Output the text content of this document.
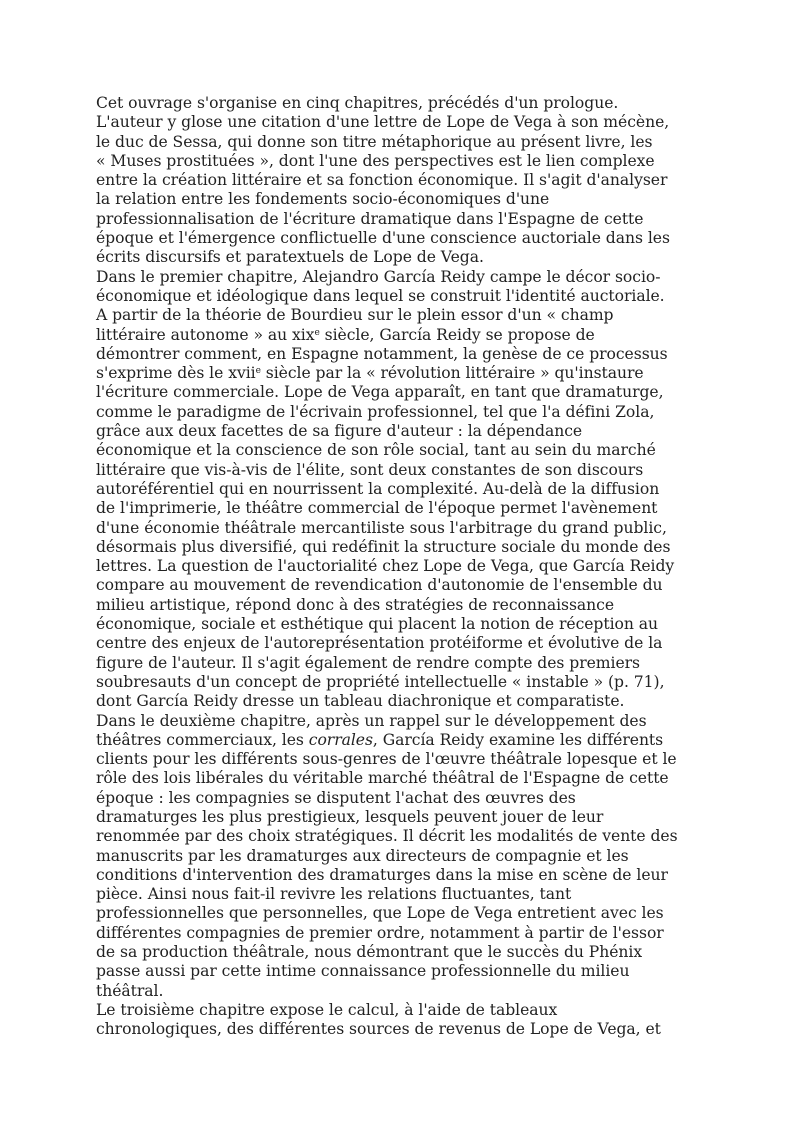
Cet ouvrage s'organise en cinq chapitres, précédés d'un prologue.
L'auteur y glose une citation d'une lettre de Lope de Vega à son mécène,
le duc de Sessa, qui donne son titre métaphorique au présent livre, les
« Muses prostituées », dont l'une des perspectives est le lien complexe
entre la création littéraire et sa fonction économique. Il s'agit d'analyser
la relation entre les fondements socio-économiques d'une
professionnalisation de l'écriture dramatique dans l'Espagne de cette
époque et l'émergence conflictuelle d'une conscience auctoriale dans les
écrits discursifs et paratextuels de Lope de Vega.
Dans le premier chapitre, Alejandro García Reidy campe le décor socio-
économique et idéologique dans lequel se construit l'identité auctoriale.
A partir de la théorie de Bourdieu sur le plein essor d'un « champ
littéraire autonome » au xix$^e$ siècle, García Reidy se propose de
démontrer comment, en Espagne notamment, la genèse de ce processus
s'exprime dès le xvii$^e$ siècle par la « révolution littéraire » qu'instaure
l'écriture commerciale. Lope de Vega apparaît, en tant que dramaturge,
comme le paradigme de l'écrivain professionnel, tel que l'a défini Zola,
grâce aux deux facettes de sa figure d'auteur : la dépendance
économique et la conscience de son rôle social, tant au sein du marché
littéraire que vis-à-vis de l'élite, sont deux constantes de son discours
autoréférentiel qui en nourrissent la complexité. Au-delà de la diffusion
de l'imprimerie, le théâtre commercial de l'époque permet l'avènement
d'une économie théâtrale mercantiliste sous l'arbitrage du grand public,
désormais plus diversifié, qui redéfinit la structure sociale du monde des
lettres. La question de l'auctorialité chez Lope de Vega, que García Reidy
compare au mouvement de revendication d'autonomie de l'ensemble du
milieu artistique, répond donc à des stratégies de reconnaissance
économique, sociale et esthétique qui placent la notion de réception au
centre des enjeux de l'autoreprésentation protéiforme et évolutive de la
figure de l'auteur. Il s'agit également de rendre compte des premiers
soubresauts d'un concept de propriété intellectuelle « instable » (p. 71),
dont García Reidy dresse un tableau diachronique et comparatiste.
Dans le deuxième chapitre, après un rappel sur le développement des
théâtres commerciaux, les corrales, García Reidy examine les différents
clients pour les différents sous-genres de l'œuvre théâtrale lopesque et le
rôle des lois libérales du véritable marché théâtral de l'Espagne de cette
époque : les compagnies se disputent l'achat des œuvres des
dramaturges les plus prestigieux, lesquels peuvent jouer de leur
renommée par des choix stratégiques. Il décrit les modalités de vente des
manuscrits par les dramaturges aux directeurs de compagnie et les
conditions d'intervention des dramaturges dans la mise en scène de leur
pièce. Ainsi nous fait-il revivre les relations fluctuantes, tant
professionnelles que personnelles, que Lope de Vega entretient avec les
différentes compagnies de premier ordre, notamment à partir de l'essor
de sa production théâtrale, nous démontrant que le succès du Phénix
passe aussi par cette intime connaissance professionnelle du milieu
théâtral.
Le troisième chapitre expose le calcul, à l'aide de tableaux
chronologiques, des différentes sources de revenus de Lope de Vega, et
